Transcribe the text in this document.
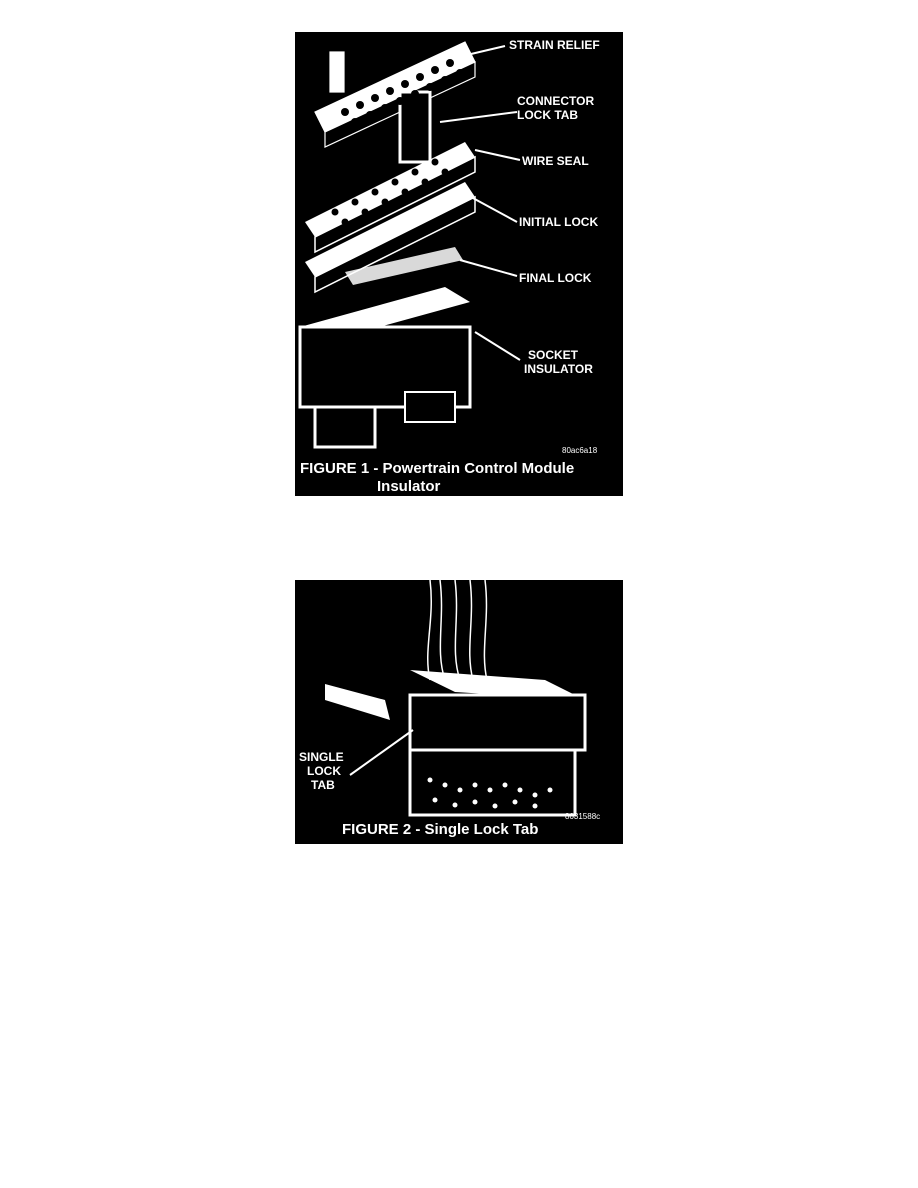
STRAIN RELIEF
CONNECTOR
LOCK TAB
WIRE SEAL
INITIAL LOCK
FINAL LOCK
SOCKET
INSULATOR
80ac6a18
FIGURE 1 - Powertrain Control Module
Insulator
SINGLE
LOCK
TAB
8031588c
FIGURE 2 - Single Lock Tab
